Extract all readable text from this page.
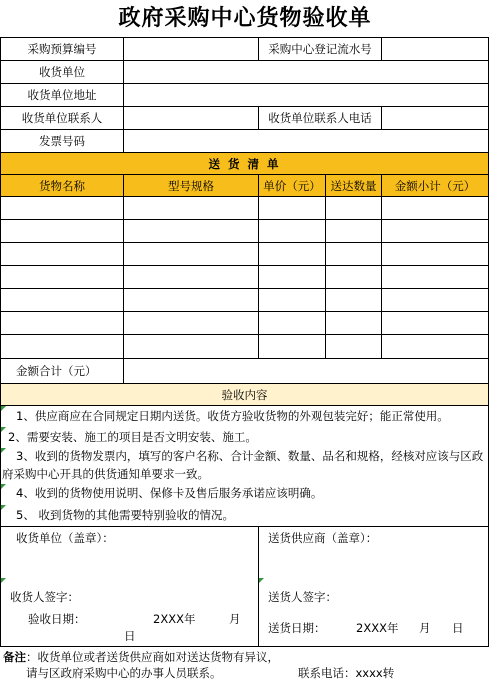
政府采购中心货物验收单
采购预算编号	采购中心登记流水号
收货单位
收货单位地址
收货单位联系人	收货单位联系人电话
发票号码
送 货 清 单
货物名称	型号规格	单价（元） 送达数量	金额小计（元）
金额合计（元）
验收内容
1、供应商应在合同规定日期内送货。收货方验收货物的外观包装完好；能正常使用。
2、需要安装、施工的项目是否文明安装、施工。
3、收到的货物发票内，填写的客户名称、合计金额、数量、品名和规格，经核对应该与区政府采购中心开具的供货通知单要求一致。
4、收到的货物使用说明、保修卡及售后服务承诺应该明确。
5、 收到货物的其他需要特别验收的情况。
收货单位（盖章）：	送货供应商（盖章）：
收货人签字：	送货人签字：
验收日期：	2XXX年	月
日
送货日期：	2XXX年	月	日
备注 ：收货单位或者送货供应商如对送达货物有异议，
请与区政府采购中心的办事人员联系。	联系电话：xxxx转
